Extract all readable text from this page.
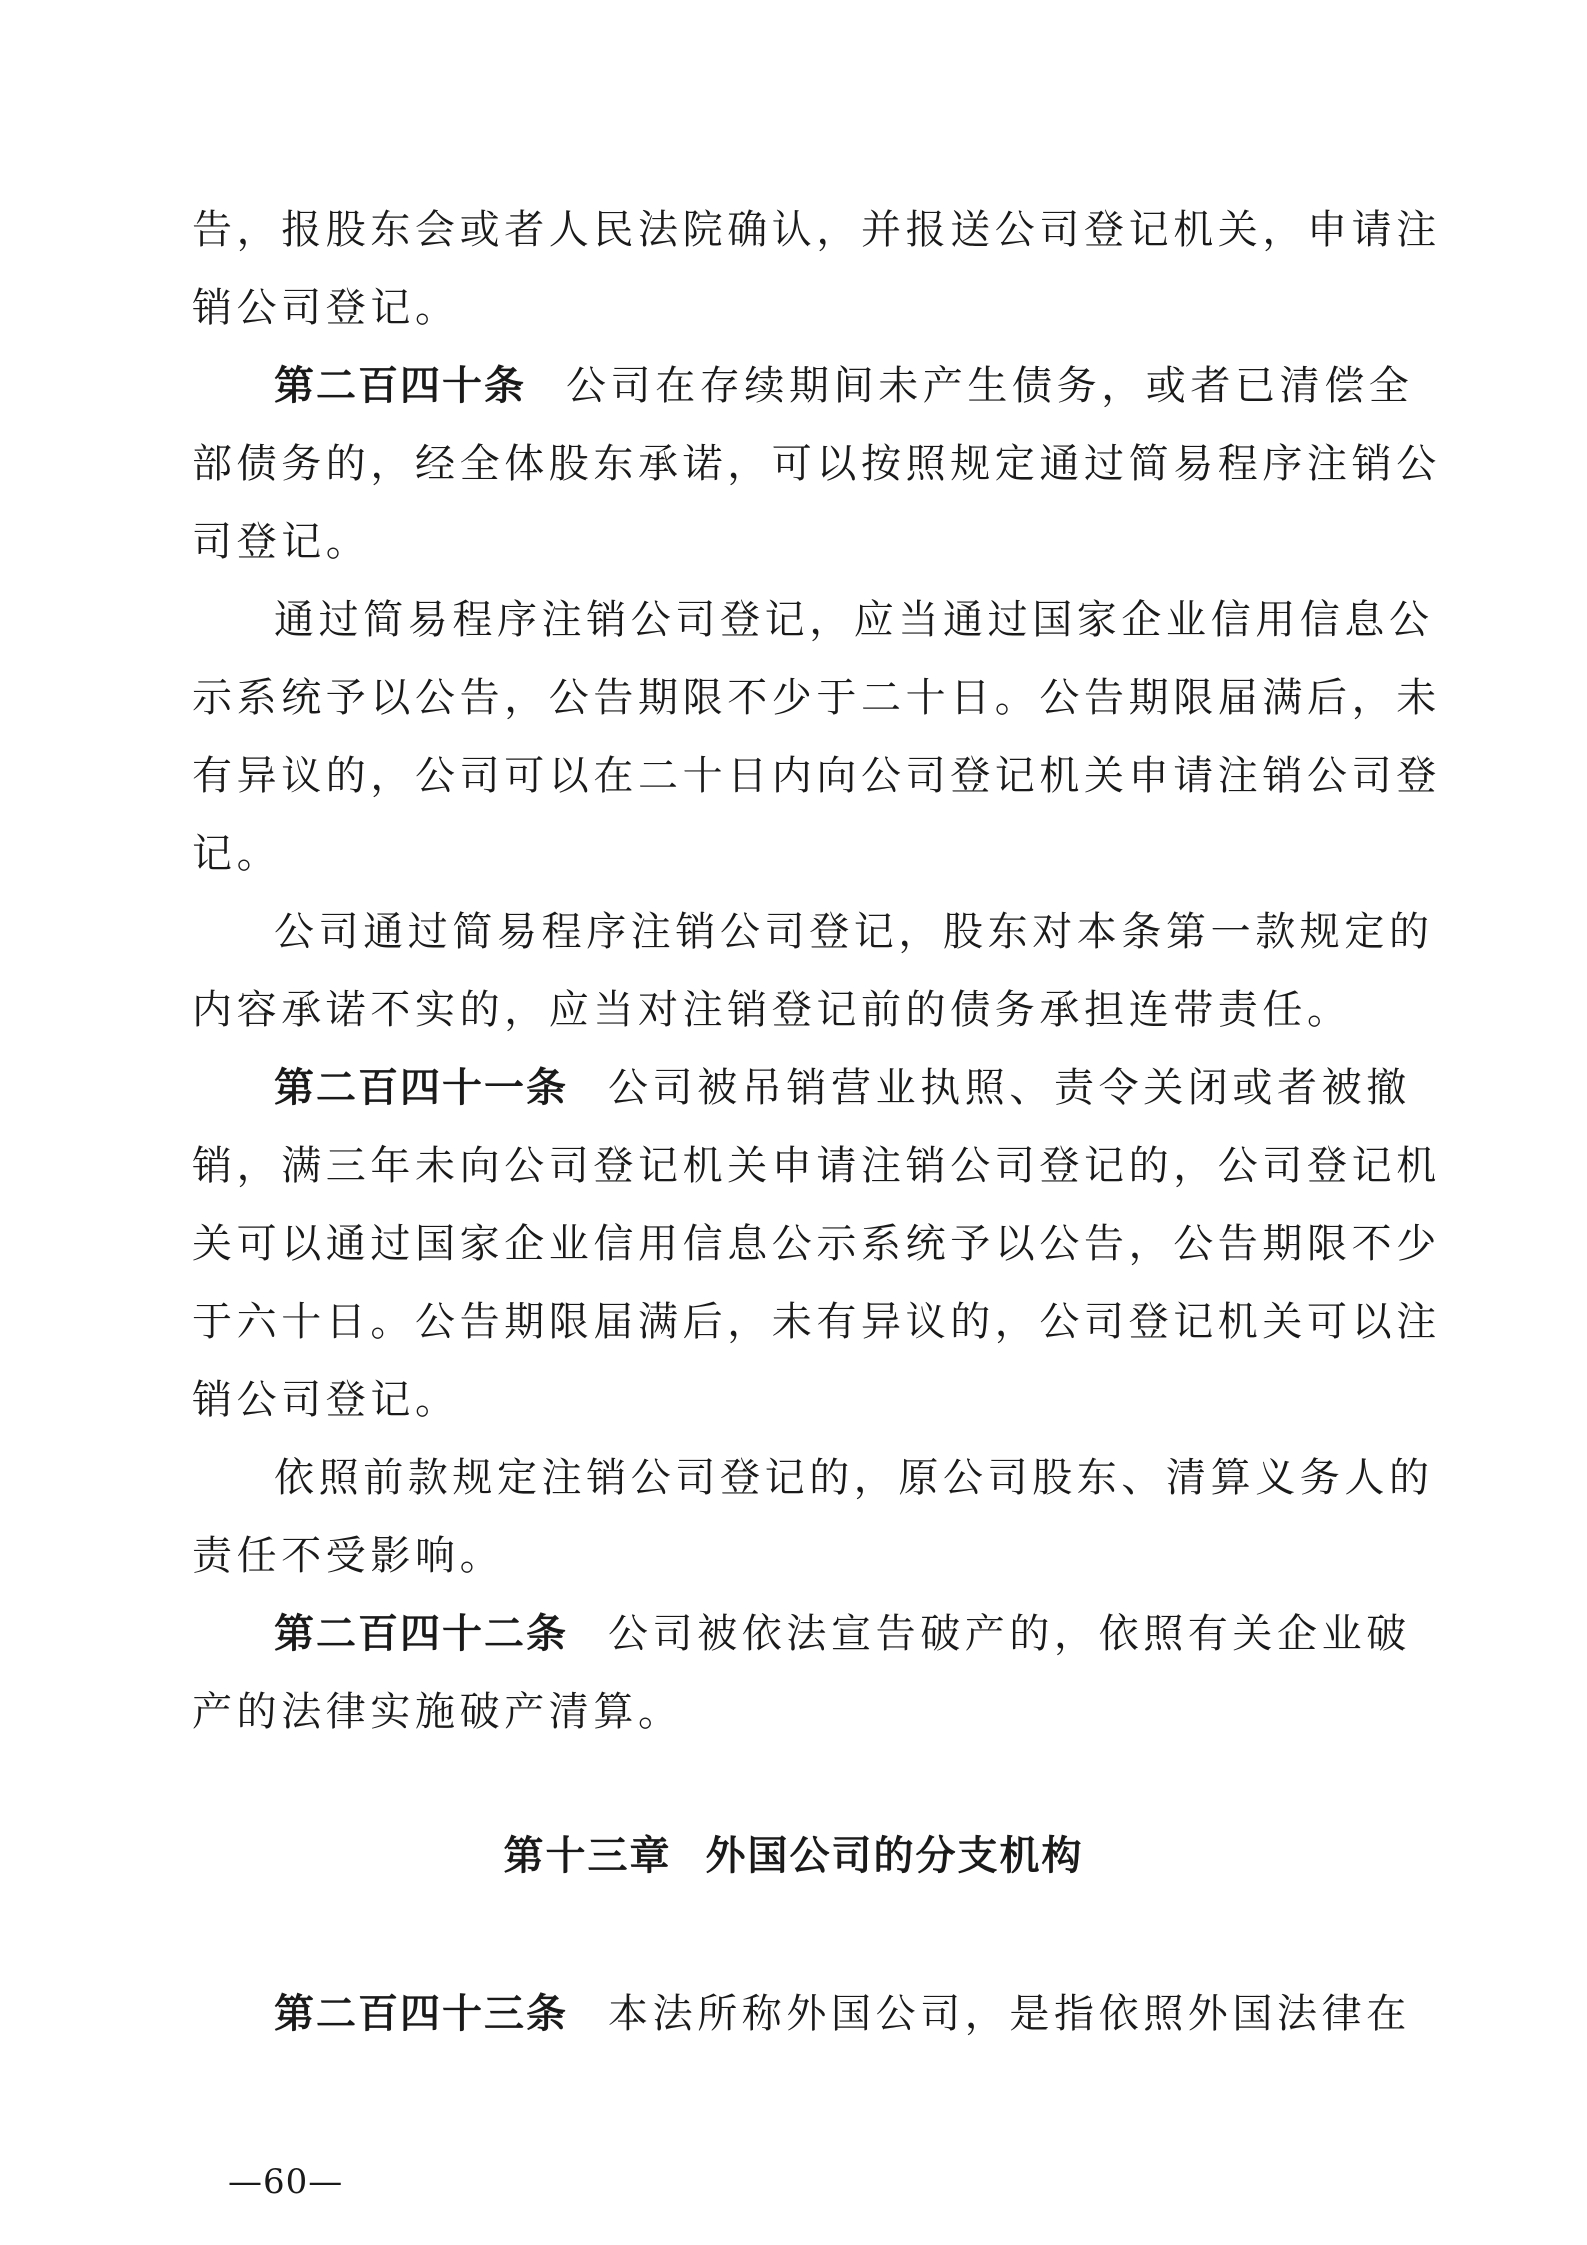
告，报股东会或者人民法院确认，并报送公司登记机关，申请注
销公司登记。
第二百四十条 公司在存续期间未产生债务，或者已清偿全
部债务的，经全体股东承诺，可以按照规定通过简易程序注销公
司登记。
通过简易程序注销公司登记，应当通过国家企业信用信息公
示系统予以公告，公告期限不少于二十日。公告期限届满后，未
有异议的，公司可以在二十日内向公司登记机关申请注销公司登
记。
公司通过简易程序注销公司登记，股东对本条第一款规定的
内容承诺不实的，应当对注销登记前的债务承担连带责任。
第二百四十一条 公司被吊销营业执照、责令关闭或者被撤
销，满三年未向公司登记机关申请注销公司登记的，公司登记机
关可以通过国家企业信用信息公示系统予以公告，公告期限不少
于六十日。公告期限届满后，未有异议的，公司登记机关可以注
销公司登记。
依照前款规定注销公司登记的，原公司股东、清算义务人的
责任不受影响。
第二百四十二条 公司被依法宣告破产的，依照有关企业破
产的法律实施破产清算。
第十三章 外国公司的分支机构
第二百四十三条 本法所称外国公司，是指依照外国法律在
—60—
